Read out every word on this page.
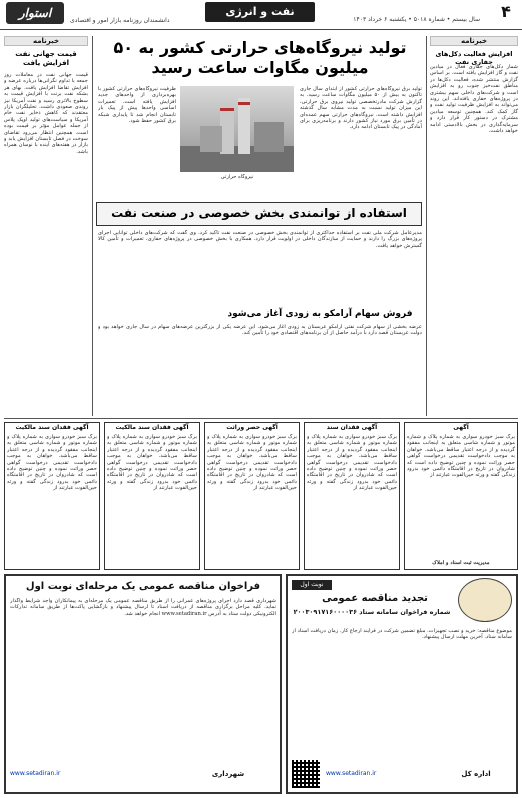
استوار
دانشمندان روزنامه بازار امور و اقتصادی
نفت و انرژی
سال بیستم • شماره ۵۰۱۸ • یکشنبه ۶ خرداد ۱۴۰۳	۴
خبرنامه
قیمت جهانی نفت افزایش یافت
قیمت جهانی نفت در معاملات روز جمعه با تداوم نگرانی‌ها درباره عرضه و افزایش تقاضا افزایش یافت. بهای هر بشکه نفت برنت با افزایش قیمت به سطوح بالاتری رسید و نفت آمریکا نیز روندی صعودی داشت. تحلیلگران بازار معتقدند که کاهش ذخایر نفت خام آمریکا و سیاست‌های تولید اوپک پلاس از جمله عوامل مؤثر بر قیمت بوده است. همچنین انتظار می‌رود تقاضای سوخت در فصل تابستان افزایش یابد و بازار در هفته‌های آینده با نوسان همراه باشد.
خبرنامه
افزایش فعالیت دکل‌های حفاری نفت
شمار دکل‌های حفاری فعال در میادین نفت و گاز افزایش یافته است. بر اساس گزارش منتشر شده، فعالیت دکل‌ها در مناطق نفت‌خیز جنوب رو به افزایش است و شرکت‌های داخلی سهم بیشتری در پروژه‌های حفاری یافته‌اند. این روند می‌تواند به افزایش ظرفیت تولید نفت و گاز کمک کند. همچنین توسعه میادین مشترک در دستور کار قرار دارد و سرمایه‌گذاری در بخش بالادستی ادامه خواهد داشت.
تولید نیروگاه‌های حرارتی کشور به ۵۰ میلیون مگاوات ساعت رسید
تولید برق نیروگاه‌های حرارتی کشور از ابتدای سال جاری تاکنون به بیش از ۵۰ میلیون مگاوات ساعت رسید. به گزارش شرکت مادرتخصصی تولید نیروی برق حرارتی، این میزان تولید نسبت به مدت مشابه سال گذشته افزایش داشته است. نیروگاه‌های حرارتی سهم عمده‌ای در تأمین برق مورد نیاز کشور دارند و برنامه‌ریزی برای آمادگی در پیک تابستان ادامه دارد.
نیروگاه حرارتی
ظرفیت نیروگاه‌های حرارتی کشور با بهره‌برداری از واحدهای جدید افزایش یافته است. تعمیرات اساسی واحدها پیش از پیک بار تابستان انجام شد تا پایداری شبکه برق کشور حفظ شود.
استفاده از توانمندی بخش خصوصی در صنعت نفت
مدیرعامل شرکت ملی نفت بر استفاده حداکثری از توانمندی بخش خصوصی در صنعت نفت تأکید کرد. وی گفت که شرکت‌های داخلی توانایی اجرای پروژه‌های بزرگ را دارند و حمایت از سازندگان داخلی در اولویت قرار دارد. همکاری با بخش خصوصی در پروژه‌های حفاری، تعمیرات و تأمین کالا گسترش خواهد یافت.
فروش سهام آرامکو به زودی آغاز می‌شود
عرضه بخشی از سهام شرکت نفتی آرامکو عربستان به زودی آغاز می‌شود. این عرضه یکی از بزرگترین عرضه‌های سهام در سال جاری خواهد بود و دولت عربستان قصد دارد با درآمد حاصل از آن برنامه‌های اقتصادی خود را تأمین کند.
آگهی فقدان سند مالکیت
برگ سبز خودرو سواری به شماره پلاک و شماره موتور و شماره شاسی متعلق به اینجانب مفقود گردیده و از درجه اعتبار ساقط می‌باشد. خواهان به موجب دادخواست تقدیمی درخواست گواهی حصر وراثت نموده و چنین توضیح داده است که شادروان در تاریخ در اقامتگاه دائمی خود بدرود زندگی گفته و ورثه حین‌الفوت عبارتند از
آگهی فقدان سند مالکیت
برگ سبز خودرو سواری به شماره پلاک و شماره موتور و شماره شاسی متعلق به اینجانب مفقود گردیده و از درجه اعتبار ساقط می‌باشد. خواهان به موجب دادخواست تقدیمی درخواست گواهی حصر وراثت نموده و چنین توضیح داده است که شادروان در تاریخ در اقامتگاه دائمی خود بدرود زندگی گفته و ورثه حین‌الفوت عبارتند از
آگهی حصر وراثت
برگ سبز خودرو سواری به شماره پلاک و شماره موتور و شماره شاسی متعلق به اینجانب مفقود گردیده و از درجه اعتبار ساقط می‌باشد. خواهان به موجب دادخواست تقدیمی درخواست گواهی حصر وراثت نموده و چنین توضیح داده است که شادروان در تاریخ در اقامتگاه دائمی خود بدرود زندگی گفته و ورثه حین‌الفوت عبارتند از
آگهی فقدان سند
برگ سبز خودرو سواری به شماره پلاک و شماره موتور و شماره شاسی متعلق به اینجانب مفقود گردیده و از درجه اعتبار ساقط می‌باشد. خواهان به موجب دادخواست تقدیمی درخواست گواهی حصر وراثت نموده و چنین توضیح داده است که شادروان در تاریخ در اقامتگاه دائمی خود بدرود زندگی گفته و ورثه حین‌الفوت عبارتند از
آگهی
برگ سبز خودرو سواری به شماره پلاک و شماره موتور و شماره شاسی متعلق به اینجانب مفقود گردیده و از درجه اعتبار ساقط می‌باشد. خواهان به موجب دادخواست تقدیمی درخواست گواهی حصر وراثت نموده و چنین توضیح داده است که شادروان در تاریخ در اقامتگاه دائمی خود بدرود زندگی گفته و ورثه حین‌الفوت عبارتند از
مدیریت ثبت اسناد و املاک
فراخوان مناقصه عمومی یک مرحله‌ای نوبت اول
شهرداری قصد دارد اجرای پروژه‌های عمرانی را از طریق مناقصه عمومی یک مرحله‌ای به پیمانکاران واجد شرایط واگذار نماید. کلیه مراحل برگزاری مناقصه از دریافت اسناد تا ارسال پیشنهاد و بازگشایی پاکت‌ها از طریق سامانه تدارکات الکترونیکی دولت ستاد به آدرس www.setadiran.ir انجام خواهد شد.
www.setadiran.ir	شهرداری
نوبت اول
تجدید مناقصه عمومی
شماره فراخوان سامانه ستاد ۲۰۰۳۰۹۱۷۱۶۰۰۰۰۳۶
موضوع مناقصه: خرید و نصب تجهیزات. مبلغ تضمین شرکت در فرایند ارجاع کار. زمان دریافت اسناد از سامانه ستاد. آخرین مهلت ارسال پیشنهاد.
www.setadiran.ir	اداره کل
